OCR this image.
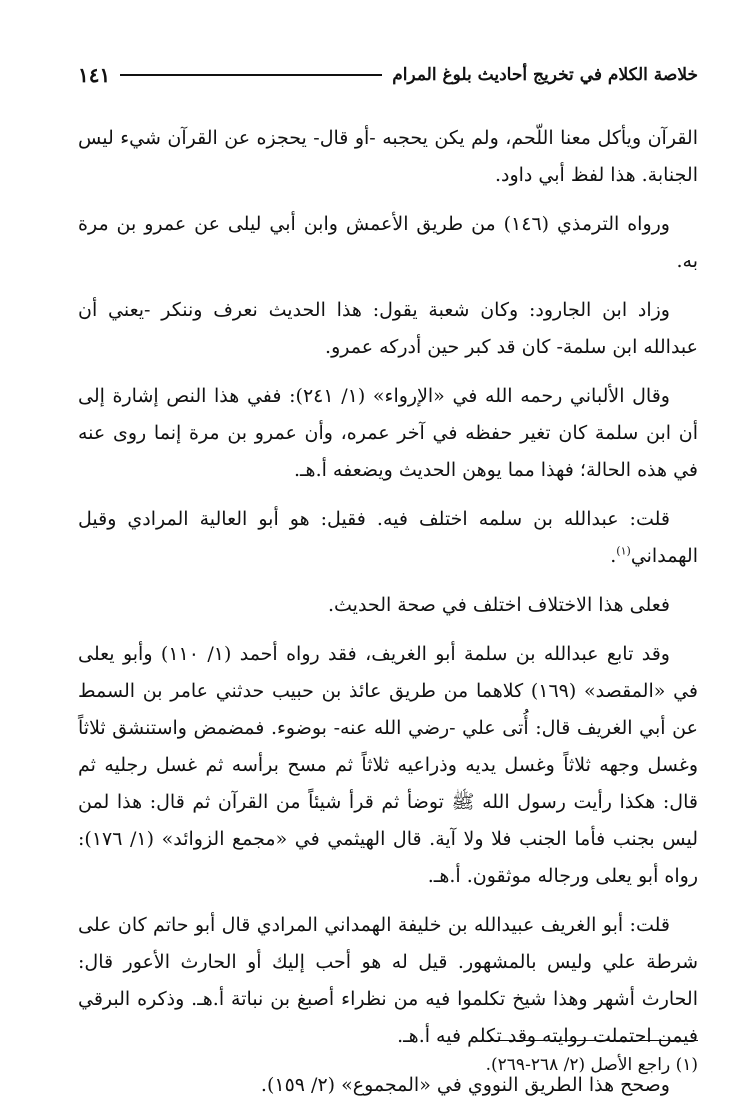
خلاصة الكلام في تخريج أحاديث بلوغ المرام
١٤١

القرآن ويأكل معنا اللّحم، ولم يكن يحجبه -أو قال- يحجزه عن القرآن شيء ليس الجنابة. هذا لفظ أبي داود.

ورواه الترمذي (١٤٦) من طريق الأعمش وابن أبي ليلى عن عمرو بن مرة به.

وزاد ابن الجارود: وكان شعبة يقول: هذا الحديث نعرف وننكر -يعني أن عبدالله ابن سلمة- كان قد كبر حين أدركه عمرو.

وقال الألباني رحمه الله في «الإرواء» (١/ ٢٤١): ففي هذا النص إشارة إلى أن ابن سلمة كان تغير حفظه في آخر عمره، وأن عمرو بن مرة إنما روى عنه في هذه الحالة؛ فهذا مما يوهن الحديث ويضعفه أ.هـ.

قلت: عبدالله بن سلمه اختلف فيه. فقيل: هو أبو العالية المرادي وقيل الهمداني$^{(١)}$.

فعلى هذا الاختلاف اختلف في صحة الحديث.

وقد تابع عبدالله بن سلمة أبو الغريف، فقد رواه أحمد (١/ ١١٠) وأبو يعلى في «المقصد» (١٦٩) كلاهما من طريق عائذ بن حبيب حدثني عامر بن السمط عن أبي الغريف قال: أُتى علي -رضي الله عنه- بوضوء. فمضمض واستنشق ثلاثاً وغسل وجهه ثلاثاً وغسل يديه وذراعيه ثلاثاً ثم مسح برأسه ثم غسل رجليه ثم قال: هكذا رأيت رسول الله ﷺ توضأ ثم قرأ شيئاً من القرآن ثم قال: هذا لمن ليس بجنب فأما الجنب فلا ولا آية. قال الهيثمي في «مجمع الزوائد» (١/ ١٧٦): رواه أبو يعلى ورجاله موثقون. أ.هـ.

قلت: أبو الغريف عبيدالله بن خليفة الهمداني المرادي قال أبو حاتم كان على شرطة علي وليس بالمشهور. قيل له هو أحب إليك أو الحارث الأعور قال: الحارث أشهر وهذا شيخ تكلموا فيه من نظراء أصبغ بن نباتة أ.هـ. وذكره البرقي فيمن احتملت روايته وقد تكلم فيه أ.هـ.

وصحح هذا الطريق النووي في «المجموع» (٢/ ١٥٩).

(١) راجع الأصل (٢/ ٢٦٨-٢٦٩).
